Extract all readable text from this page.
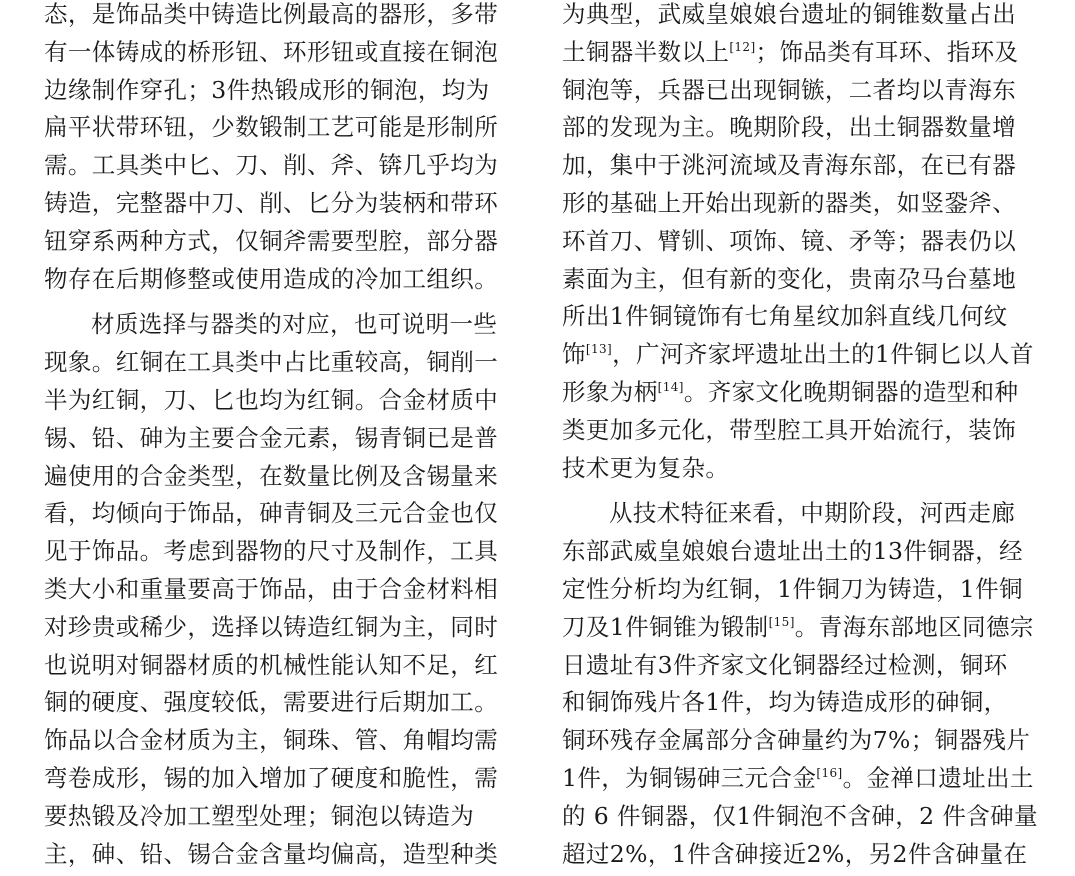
态，是饰品类中铸造比例最高的器形，多带
有一体铸成的桥形钮、环形钮或直接在铜泡
边缘制作穿孔；3件热锻成形的铜泡，均为
扁平状带环钮，少数锻制工艺可能是形制所
需。工具类中匕、刀、削、斧、锛几乎均为
铸造，完整器中刀、削、匕分为装柄和带环
钮穿系两种方式，仅铜斧需要型腔，部分器
物存在后期修整或使用造成的冷加工组织。
材质选择与器类的对应，也可说明一些
现象。红铜在工具类中占比重较高，铜削一
半为红铜，刀、匕也均为红铜。合金材质中
锡、铅、砷为主要合金元素，锡青铜已是普
遍使用的合金类型，在数量比例及含锡量来
看，均倾向于饰品，砷青铜及三元合金也仅
见于饰品。考虑到器物的尺寸及制作，工具
类大小和重量要高于饰品，由于合金材料相
对珍贵或稀少，选择以铸造红铜为主，同时
也说明对铜器材质的机械性能认知不足，红
铜的硬度、强度较低，需要进行后期加工。
饰品以合金材质为主，铜珠、管、角帽均需
弯卷成形，锡的加入增加了硬度和脆性，需
要热锻及冷加工塑型处理；铜泡以铸造为
主，砷、铅、锡合金含量均偏高，造型种类
为典型，武威皇娘娘台遗址的铜锥数量占出
土铜器半数以上[12]；饰品类有耳环、指环及
铜泡等，兵器已出现铜镞，二者均以青海东
部的发现为主。晚期阶段，出土铜器数量增
加，集中于洮河流域及青海东部，在已有器
形的基础上开始出现新的器类，如竖銎斧、
环首刀、臂钏、项饰、镜、矛等；器表仍以
素面为主，但有新的变化，贵南尕马台墓地
所出1件铜镜饰有七角星纹加斜直线几何纹
饰[13]，广河齐家坪遗址出土的1件铜匕以人首
形象为柄[14]。齐家文化晚期铜器的造型和种
类更加多元化，带型腔工具开始流行，装饰
技术更为复杂。
从技术特征来看，中期阶段，河西走廊
东部武威皇娘娘台遗址出土的13件铜器，经
定性分析均为红铜，1件铜刀为铸造，1件铜
刀及1件铜锥为锻制[15]。青海东部地区同德宗
日遗址有3件齐家文化铜器经过检测，铜环
和铜饰残片各1件，均为铸造成形的砷铜，
铜环残存金属部分含砷量约为7%；铜器残片
1件，为铜锡砷三元合金[16]。金禅口遗址出土
的 6 件铜器，仅1件铜泡不含砷，2 件含砷量
超过2%，1件含砷接近2%，另2件含砷量在
